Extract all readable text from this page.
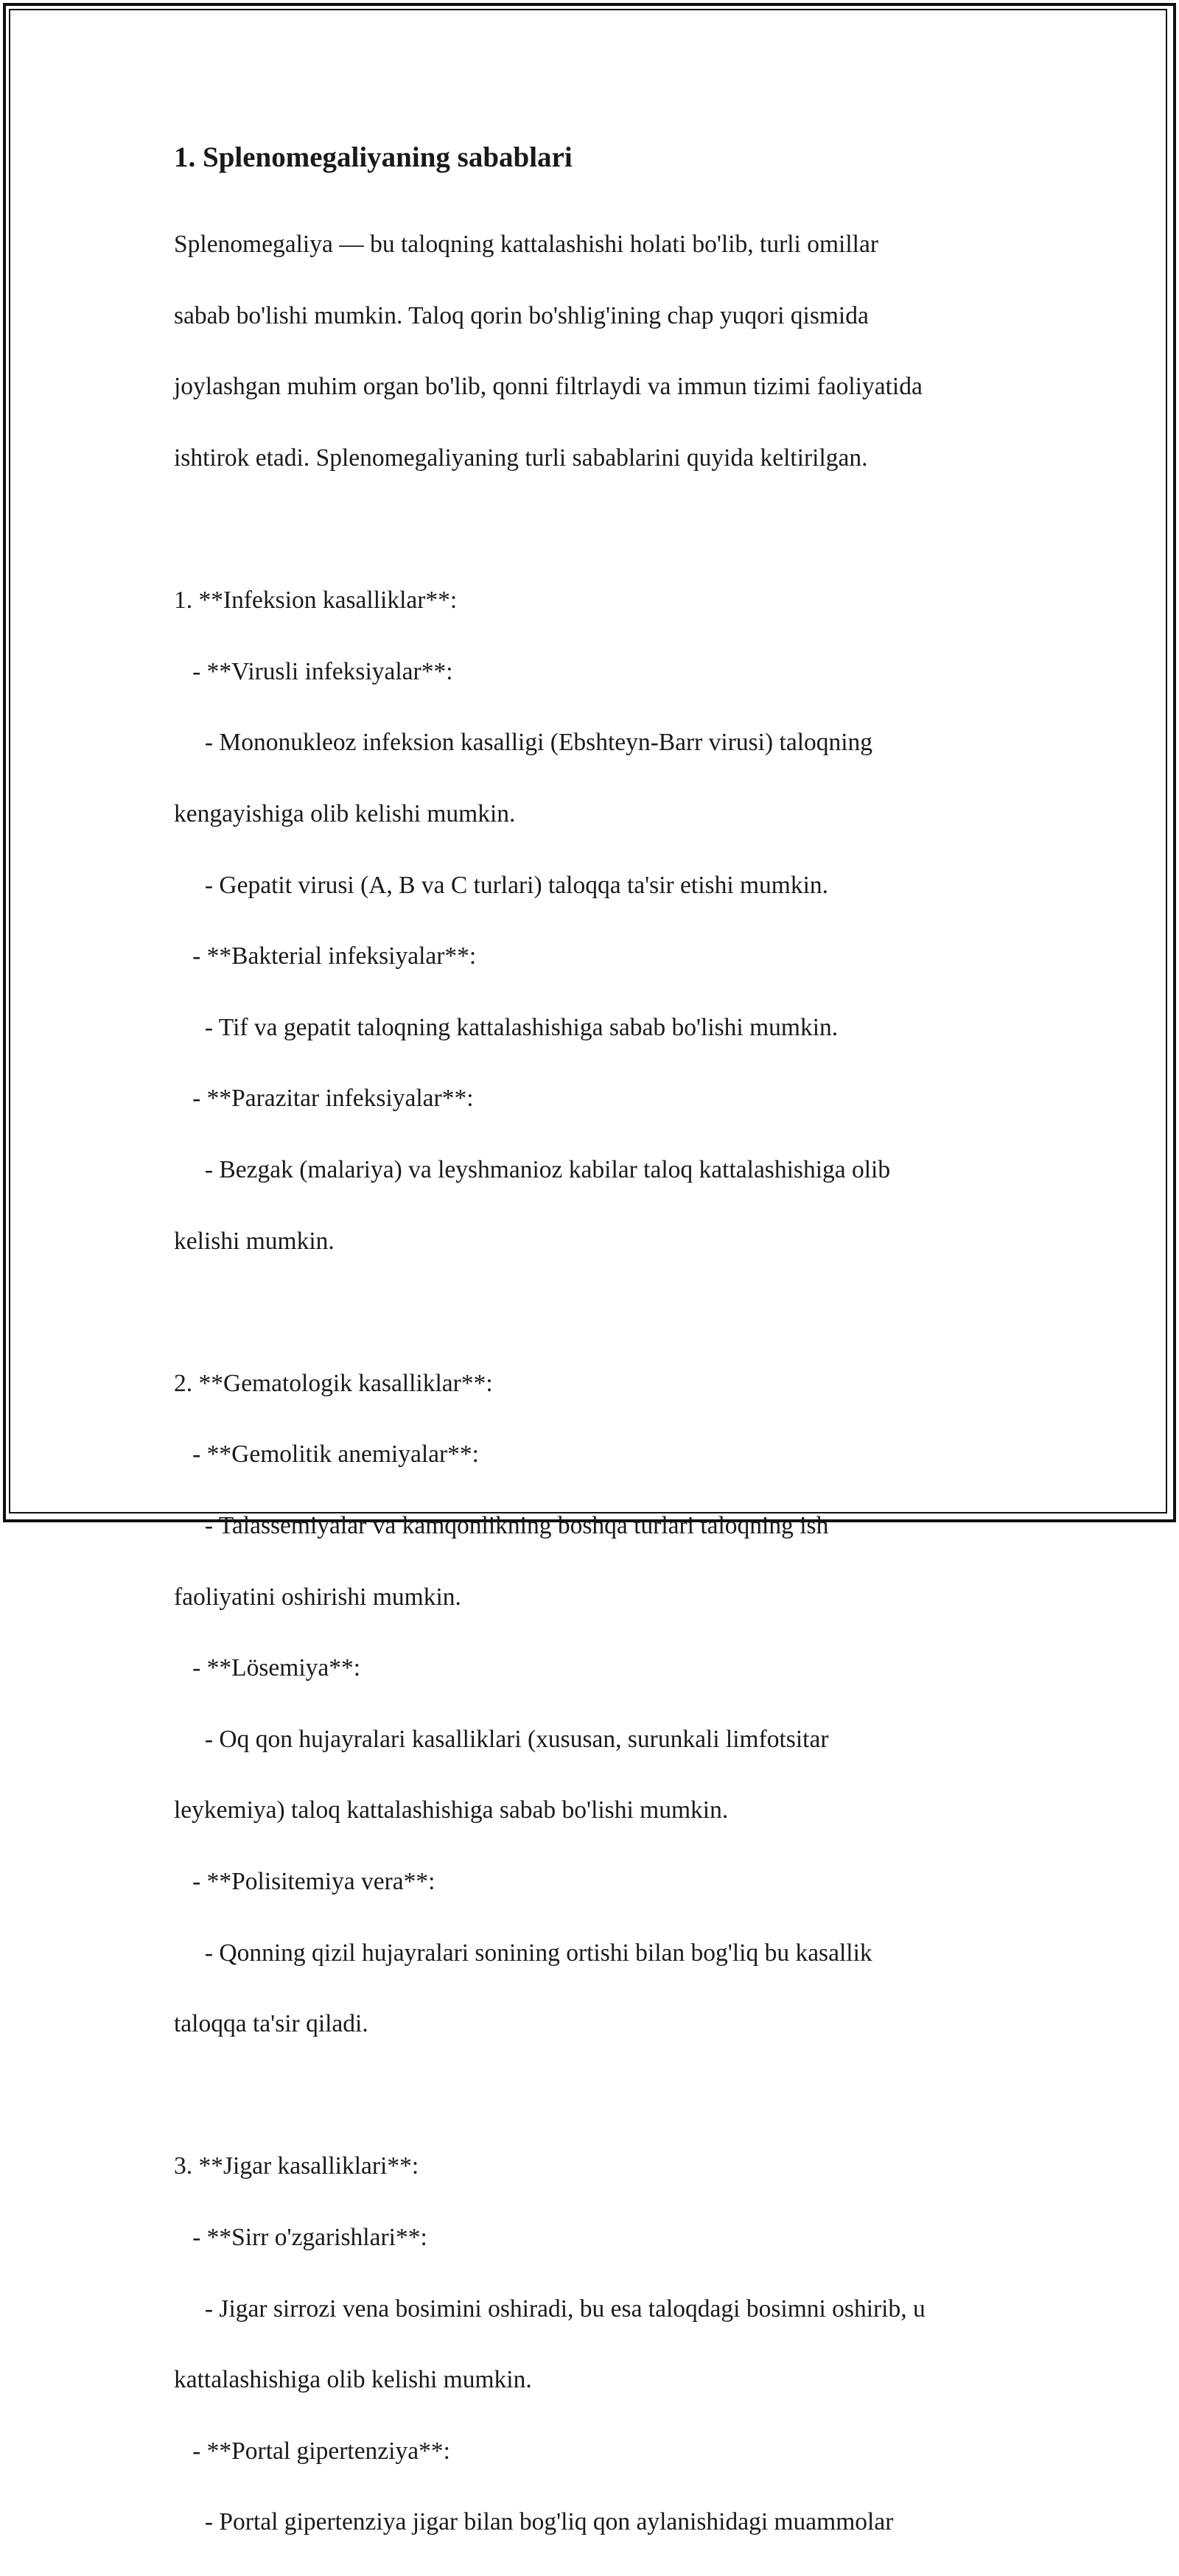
1. Splenomegaliyaning sabablari

Splenomegaliya — bu taloqning kattalashishi holati bo'lib, turli omillar

sabab bo'lishi mumkin. Taloq qorin bo'shlig'ining chap yuqori qismida

joylashgan muhim organ bo'lib, qonni filtrlaydi va immun tizimi faoliyatida

ishtirok etadi. Splenomegaliyaning turli sabablarini quyida keltirilgan.

1. **Infeksion kasalliklar**:

- **Virusli infeksiyalar**:

- Mononukleoz infeksion kasalligi (Ebshteyn-Barr virusi) taloqning

kengayishiga olib kelishi mumkin.

- Gepatit virusi (A, B va C turlari) taloqqa ta'sir etishi mumkin.

- **Bakterial infeksiyalar**:

- Tif va gepatit taloqning kattalashishiga sabab bo'lishi mumkin.

- **Parazitar infeksiyalar**:

- Bezgak (malariya) va leyshmanioz kabilar taloq kattalashishiga olib

kelishi mumkin.

2. **Gematologik kasalliklar**:

- **Gemolitik anemiyalar**:

- Talassemiyalar va kamqonlikning boshqa turlari taloqning ish

faoliyatini oshirishi mumkin.

- **Lösemiya**:

- Oq qon hujayralari kasalliklari (xususan, surunkali limfotsitar

leykemiya) taloq kattalashishiga sabab bo'lishi mumkin.

- **Polisitemiya vera**:

- Qonning qizil hujayralari sonining ortishi bilan bog'liq bu kasallik

taloqqa ta'sir qiladi.

3. **Jigar kasalliklari**:

- **Sirr o'zgarishlari**:

- Jigar sirrozi vena bosimini oshiradi, bu esa taloqdagi bosimni oshirib, u

kattalashishiga olib kelishi mumkin.

- **Portal gipertenziya**:

- Portal gipertenziya jigar bilan bog'liq qon aylanishidagi muammolar
